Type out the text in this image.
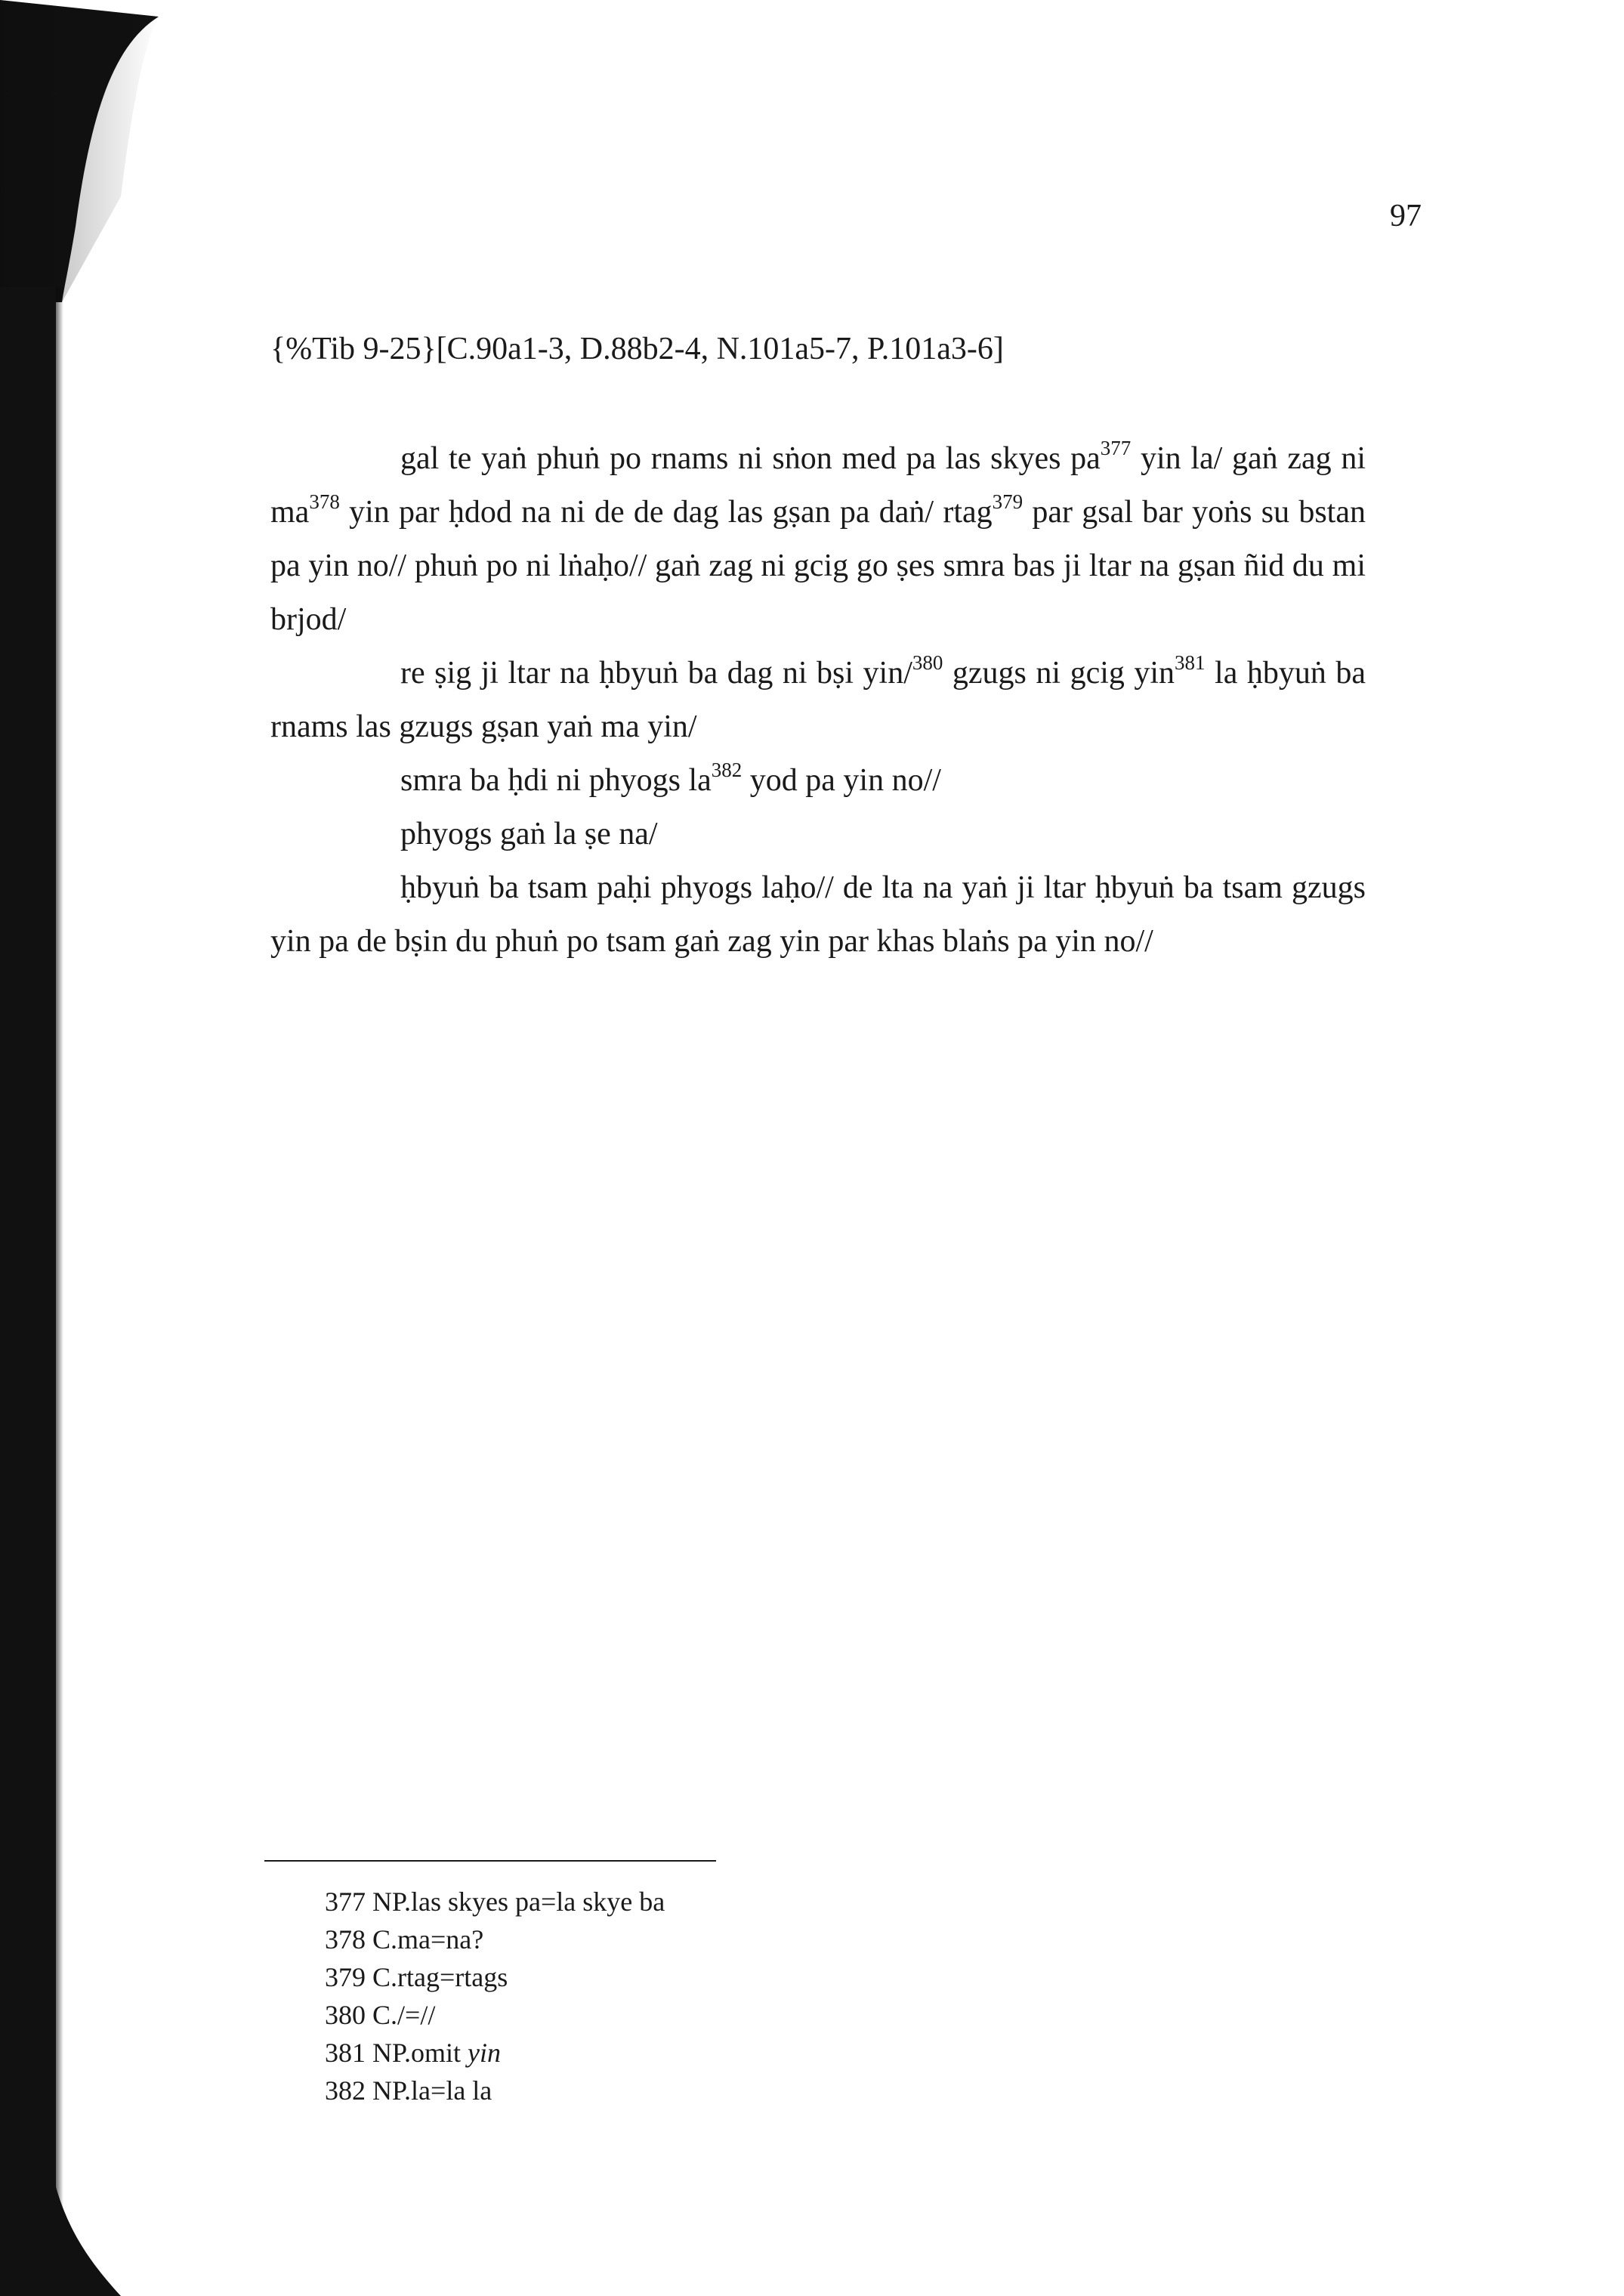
97
{%Tib 9-25}[C.90a1-3, D.88b2-4, N.101a5-7, P.101a3-6]

gal te yaṅ phuṅ po rnams ni sṅon med pa las skyes $pa^{377}$ yin la/ gaṅ zag ni $ma^{378}$ yin par ḥdod na ni de de dag las gṣan pa daṅ/ rtag$^{379}$ par gsal bar yoṅs su bstan pa yin no// phuṅ po ni lṅaḥo// gaṅ zag ni gcig go ṣes smra bas ji ltar na gṣan ñid du mi brjod/

re ṣig ji ltar na ḥbyuṅ ba dag ni bṣi yin/$^{380}$ gzugs ni gcig yin$^{381}$ la ḥbyuṅ ba rnams las gzugs gṣan yaṅ ma yin/

smra ba ḥdi ni phyogs $la^{382}$ yod pa yin no//

phyogs gaṅ la ṣe na/

ḥbyuṅ ba tsam paḥi phyogs laḥo// de lta na yaṅ ji ltar ḥbyuṅ ba tsam gzugs yin pa de bṣin du phuṅ po tsam gaṅ zag yin par khas blaṅs pa yin no//

377 NP.las skyes pa=la skye ba
378 C.ma=na?
379 C.rtag=rtags
380 C./=//
381 NP.omit yin
382 NP.la=la la
